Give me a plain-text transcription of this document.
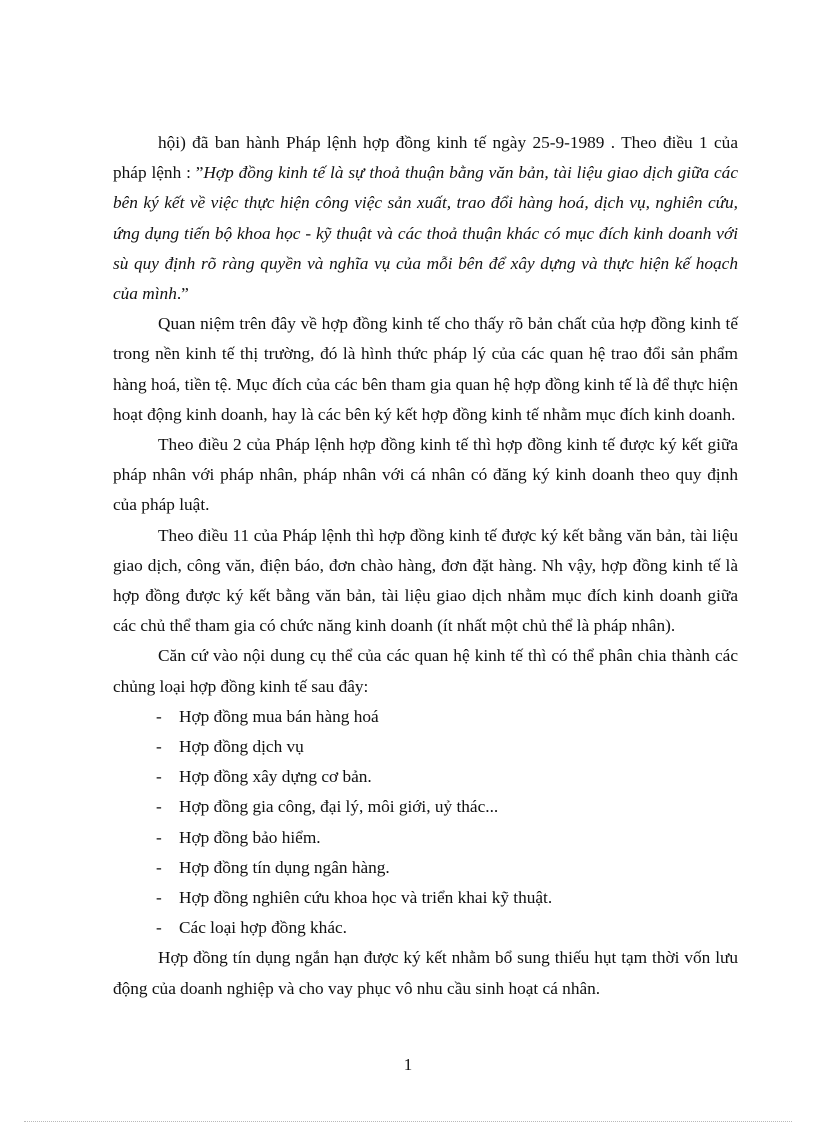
hội) đã ban hành Pháp lệnh hợp đồng kinh tế ngày 25-9-1989 . Theo điều 1 của pháp lệnh : ”Hợp đồng kinh tế là sự thoả thuận bằng văn bản, tài liệu giao dịch giữa các bên ký kết về việc thực hiện công việc sản xuất, trao đổi hàng hoá, dịch vụ, nghiên cứu, ứng dụng tiến bộ khoa học - kỹ thuật và các thoả thuận khác có mục đích kinh doanh với sù quy định rõ ràng quyền và nghĩa vụ của mỗi bên để xây dựng và thực hiện kế hoạch của mình.”

Quan niệm trên đây về hợp đồng kinh tế cho thấy rõ bản chất của hợp đồng kinh tế trong nền kinh tế thị trường, đó là hình thức pháp lý của các quan hệ trao đổi sản phẩm hàng hoá, tiền tệ. Mục đích của các bên tham gia quan hệ hợp đồng kinh tế là để thực hiện hoạt động kinh doanh, hay là các bên ký kết hợp đồng kinh tế nhằm mục đích kinh doanh.

Theo điều 2 của Pháp lệnh hợp đồng kinh tế thì hợp đồng kinh tế được ký kết giữa pháp nhân với pháp nhân, pháp nhân với cá nhân có đăng ký kinh doanh theo quy định của pháp luật.

Theo điều 11 của Pháp lệnh thì hợp đồng kinh tế được ký kết bằng văn bản, tài liệu giao dịch, công văn, điện báo, đơn chào hàng, đơn đặt hàng. Nh vậy, hợp đồng kinh tế là hợp đồng được ký kết bằng văn bản, tài liệu giao dịch nhằm mục đích kinh doanh giữa các chủ thể tham gia có chức năng kinh doanh (ít nhất một chủ thể là pháp nhân).

Căn cứ vào nội dung cụ thể của các quan hệ kinh tế thì có thể phân chia thành các chủng loại hợp đồng kinh tế sau đây:

- Hợp đồng mua bán hàng hoá
- Hợp đồng dịch vụ
- Hợp đồng xây dựng cơ bản.
- Hợp đồng gia công, đại lý, môi giới, uỷ thác...
- Hợp đồng bảo hiểm.
- Hợp đồng tín dụng ngân hàng.
- Hợp đồng nghiên cứu khoa học và triển khai kỹ thuật.
- Các loại hợp đồng khác.

Hợp đồng tín dụng ngắn hạn được ký kết nhằm bổ sung thiếu hụt tạm thời vốn lưu động của doanh nghiệp và cho vay phục vô nhu cầu sinh hoạt cá nhân.

1
